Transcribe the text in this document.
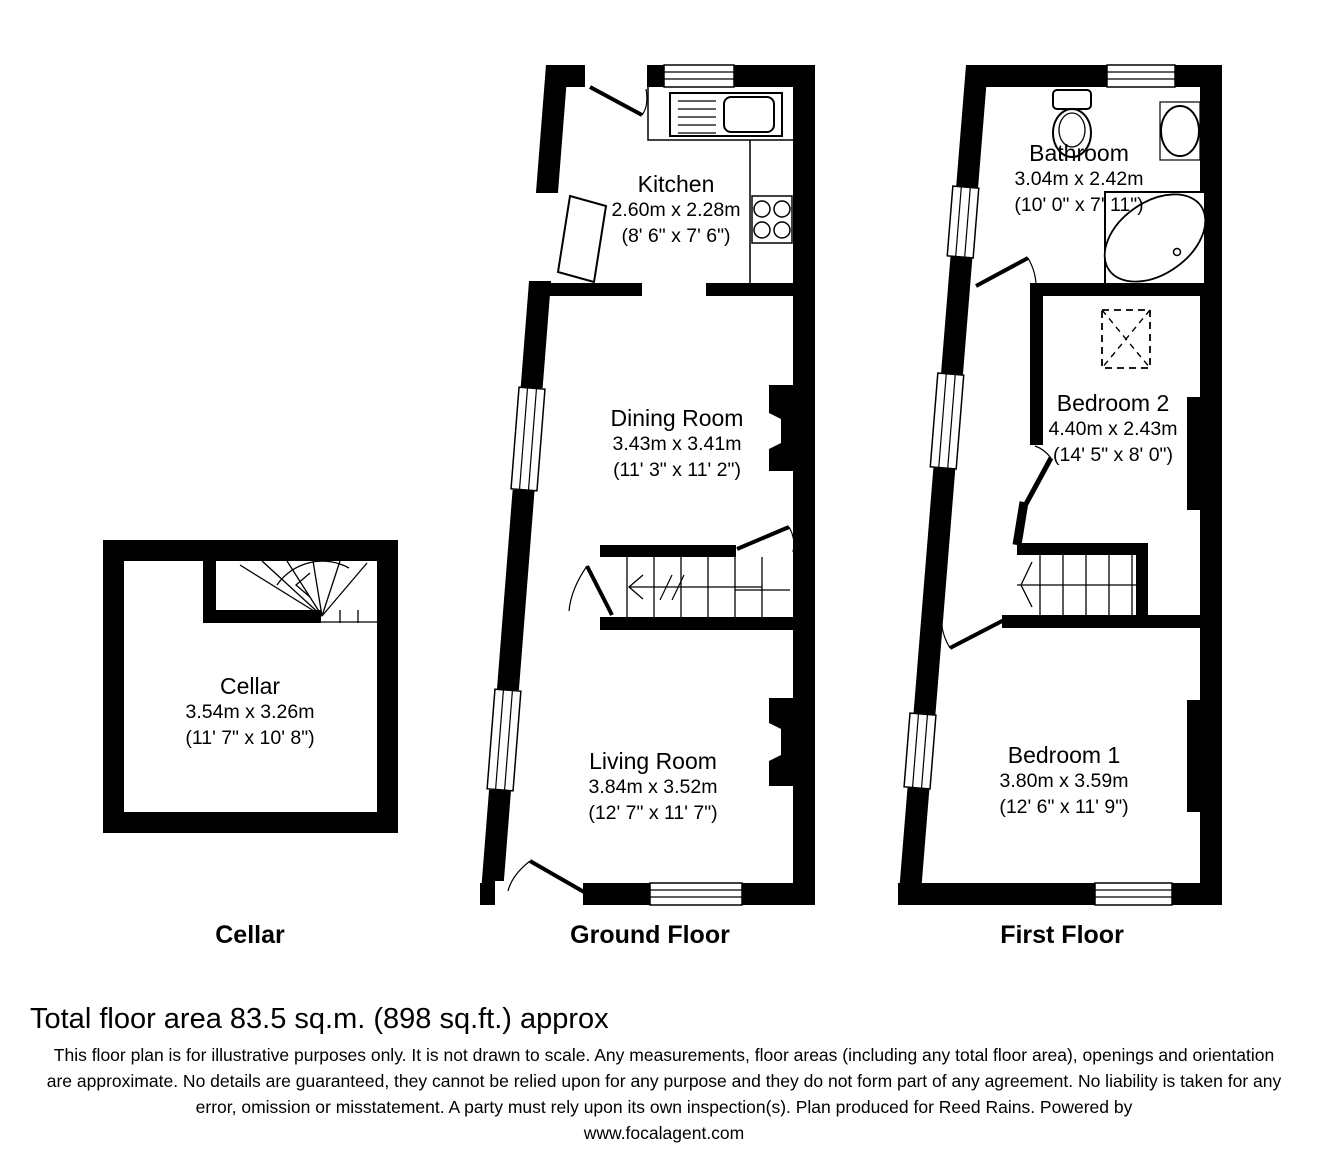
Cellar
3.54m x 3.26m
(11' 7" x 10' 8")
Kitchen
2.60m x 2.28m
(8' 6" x 7' 6")
Dining Room
3.43m x 3.41m
(11' 3" x 11' 2")
Living Room
3.84m x 3.52m
(12' 7" x 11' 7")
Bathroom
3.04m x 2.42m
(10' 0" x 7' 11")
Bedroom 2
4.40m x 2.43m
(14' 5" x 8' 0")
Bedroom 1
3.80m x 3.59m
(12' 6" x 11' 9")
Cellar	Ground Floor	First Floor
Total floor area 83.5 sq.m. (898 sq.ft.) approx

This floor plan is for illustrative purposes only. It is not drawn to scale. Any measurements, floor areas (including any total floor area), openings and orientation are approximate. No details are guaranteed, they cannot be relied upon for any purpose and they do not form part of any agreement. No liability is taken for any error, omission or misstatement. A party must rely upon its own inspection(s). Plan produced for Reed Rains. Powered by

www.focalagent.com
